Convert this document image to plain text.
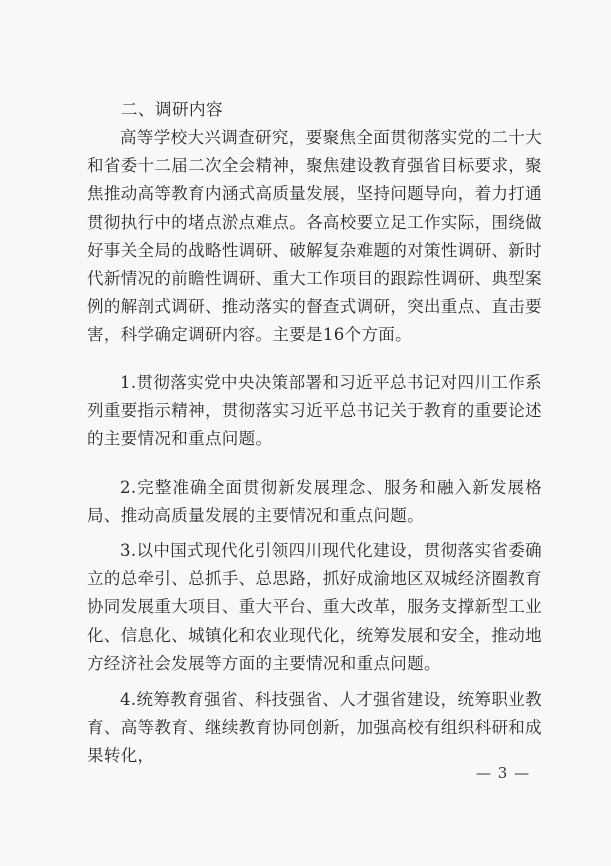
二、调研内容

高等学校大兴调查研究，要聚焦全面贯彻落实党的二十大和省委十二届二次全会精神，聚焦建设教育强省目标要求，聚焦推动高等教育内涵式高质量发展，坚持问题导向，着力打通贯彻执行中的堵点淤点难点。各高校要立足工作实际，围绕做好事关全局的战略性调研、破解复杂难题的对策性调研、新时代新情况的前瞻性调研、重大工作项目的跟踪性调研、典型案例的解剖式调研、推动落实的督查式调研，突出重点、直击要害，科学确定调研内容。主要是16个方面。

1.贯彻落实党中央决策部署和习近平总书记对四川工作系列重要指示精神，贯彻落实习近平总书记关于教育的重要论述的主要情况和重点问题。

2.完整准确全面贯彻新发展理念、服务和融入新发展格局、推动高质量发展的主要情况和重点问题。

3.以中国式现代化引领四川现代化建设，贯彻落实省委确立的总牵引、总抓手、总思路，抓好成渝地区双城经济圈教育协同发展重大项目、重大平台、重大改革，服务支撑新型工业化、信息化、城镇化和农业现代化，统筹发展和安全，推动地方经济社会发展等方面的主要情况和重点问题。

4.统筹教育强省、科技强省、人才强省建设，统筹职业教育、高等教育、继续教育协同创新，加强高校有组织科研和成果转化，

— 3 —
